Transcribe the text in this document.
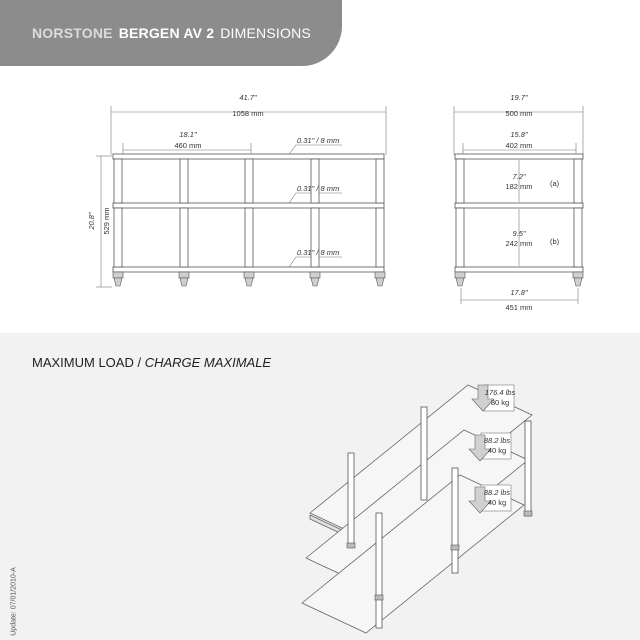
NORSTONE BERGEN AV 2 DIMENSIONS
41.7"
1058 mm
18.1"
460 mm
0.31" / 8 mm
0.31" / 8 mm
0.31" / 8 mm
20.8" 529 mm
19.7"
500 mm
15.8"
402 mm
7.2"
182 mm (a)
9.5"
242 mm (b)
17.8"
451 mm
MAXIMUM LOAD / CHARGE MAXIMALE
176.4 lbs
80 kg
88.2 lbs
40 kg
88.2 lbs
40 kg
Update: 07/01/2010-A
